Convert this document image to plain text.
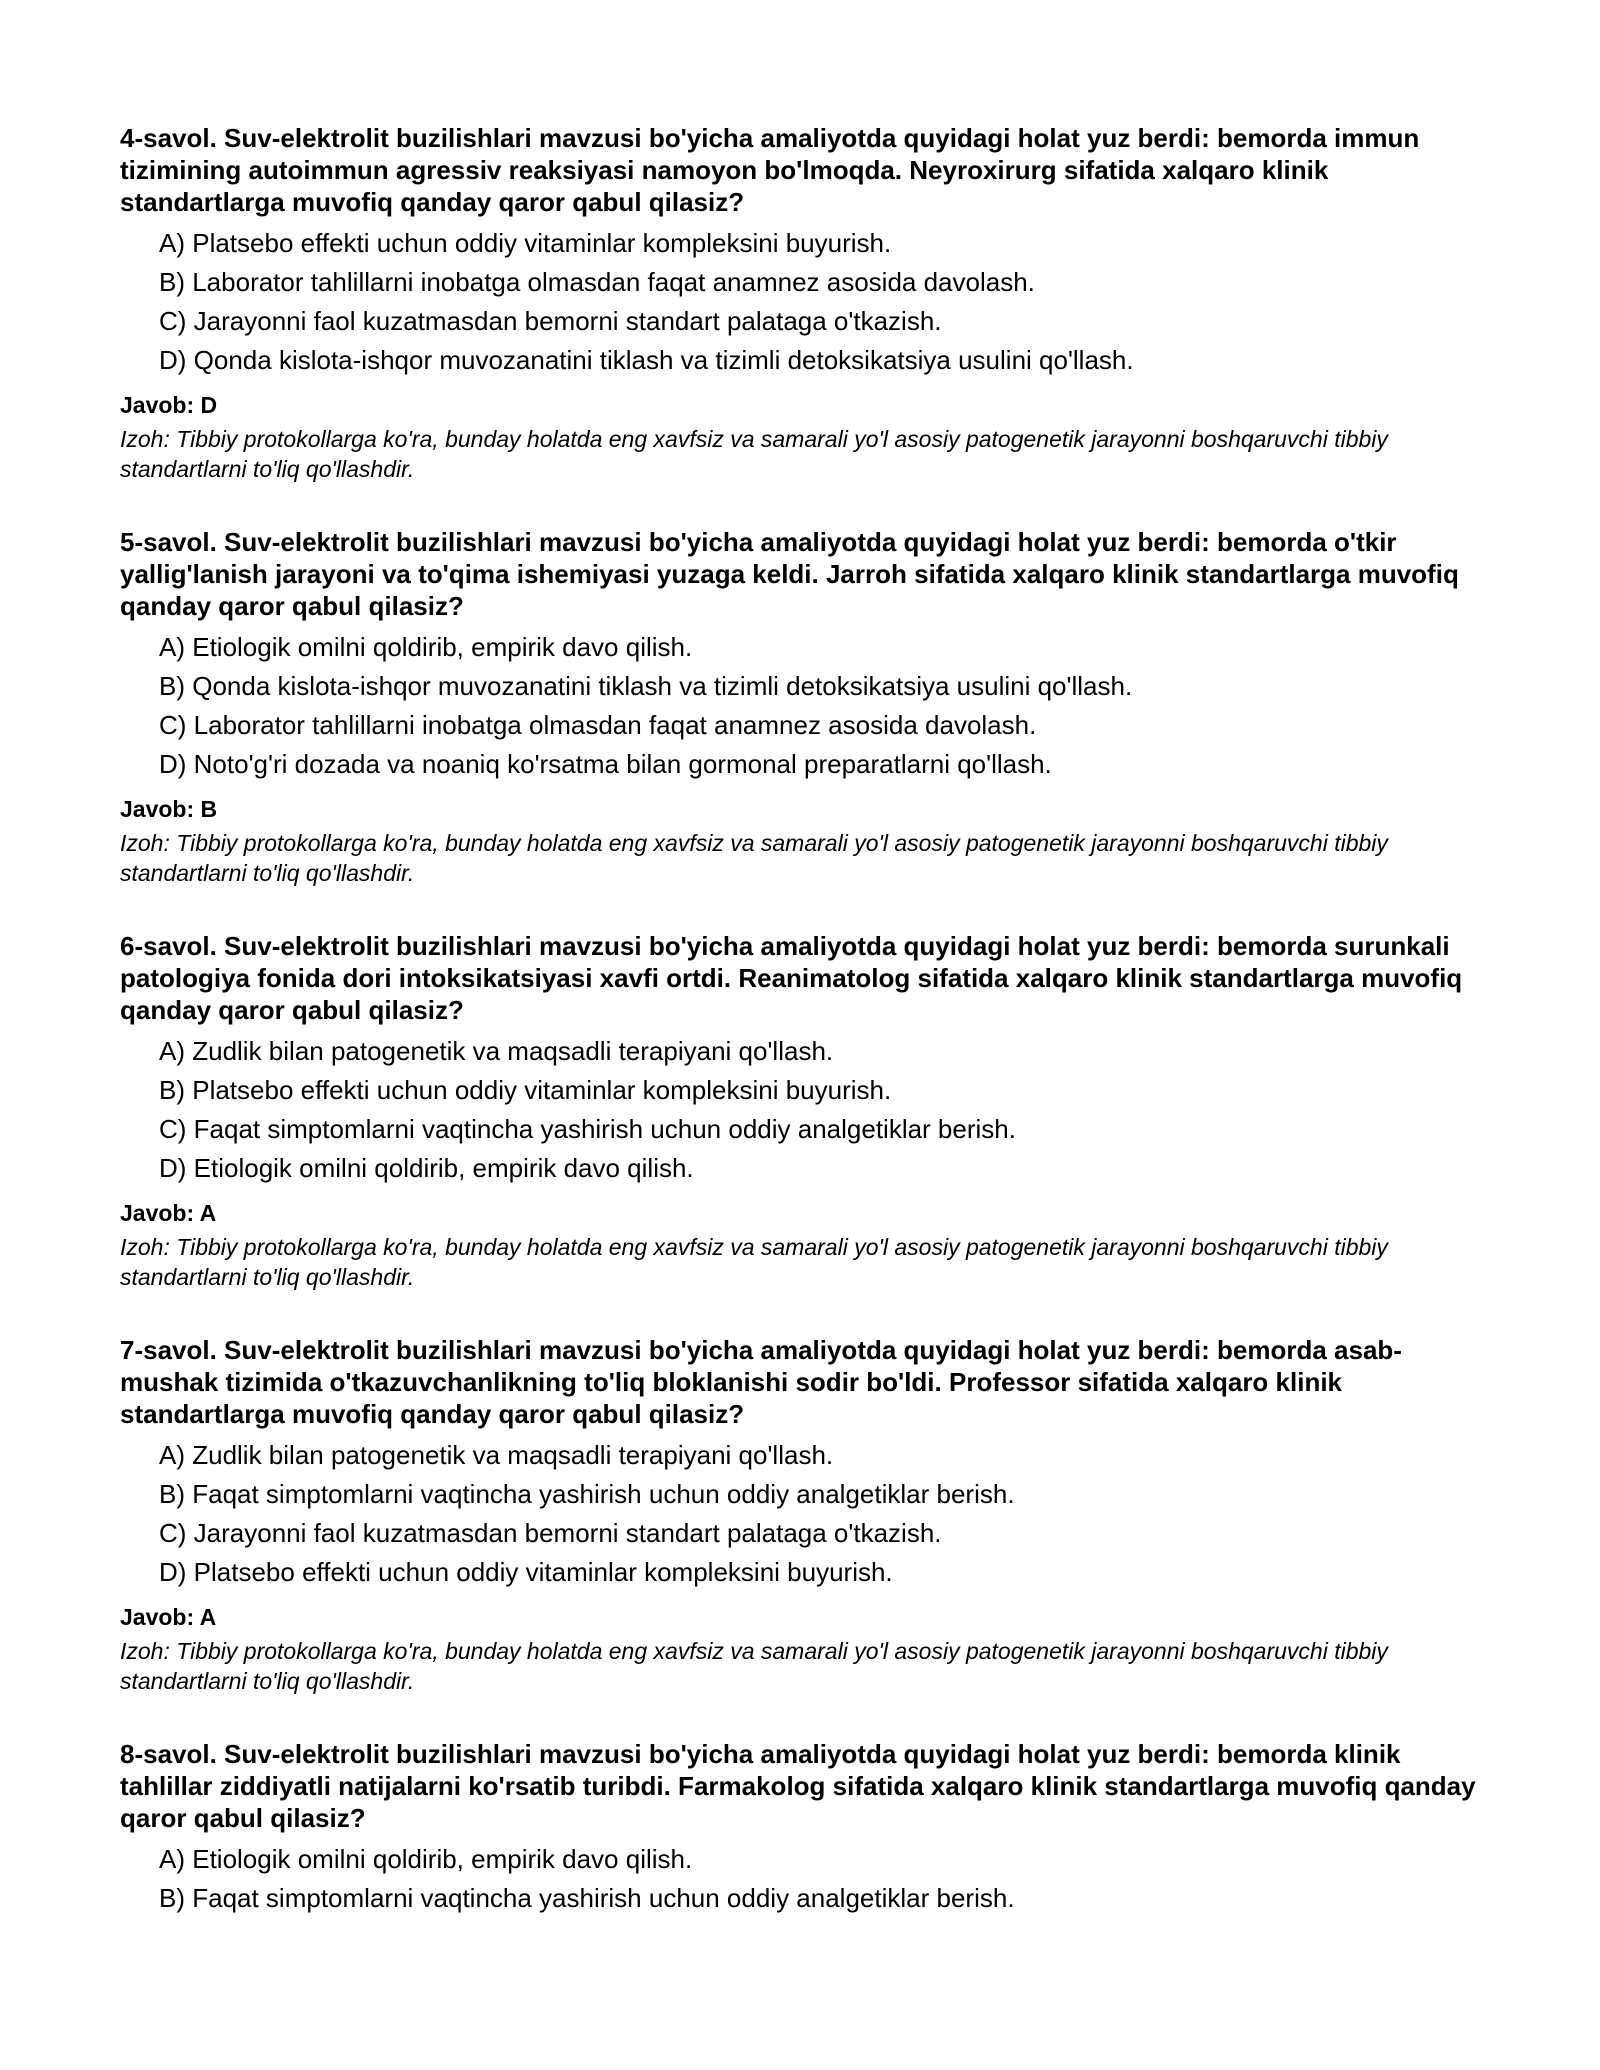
4-savol. Suv-elektrolit buzilishlari mavzusi bo'yicha amaliyotda quyidagi holat yuz berdi: bemorda immun tizimining autoimmun agressiv reaksiyasi namoyon bo'lmoqda. Neyroxirurg sifatida xalqaro klinik standartlarga muvofiq qanday qaror qabul qilasiz?
A) Platsebo effekti uchun oddiy vitaminlar kompleksini buyurish.
B) Laborator tahlillarni inobatga olmasdan faqat anamnez asosida davolash.
C) Jarayonni faol kuzatmasdan bemorni standart palataga o'tkazish.
D) Qonda kislota-ishqor muvozanatini tiklash va tizimli detoksikatsiya usulini qo'llash.
Javob: D
Izoh: Tibbiy protokollarga ko'ra, bunday holatda eng xavfsiz va samarali yo'l asosiy patogenetik jarayonni boshqaruvchi tibbiy standartlarni to'liq qo'llashdir.
5-savol. Suv-elektrolit buzilishlari mavzusi bo'yicha amaliyotda quyidagi holat yuz berdi: bemorda o'tkir yallig'lanish jarayoni va to'qima ishemiyasi yuzaga keldi. Jarroh sifatida xalqaro klinik standartlarga muvofiq qanday qaror qabul qilasiz?
A) Etiologik omilni qoldirib, empirik davo qilish.
B) Qonda kislota-ishqor muvozanatini tiklash va tizimli detoksikatsiya usulini qo'llash.
C) Laborator tahlillarni inobatga olmasdan faqat anamnez asosida davolash.
D) Noto'g'ri dozada va noaniq ko'rsatma bilan gormonal preparatlarni qo'llash.
Javob: B
Izoh: Tibbiy protokollarga ko'ra, bunday holatda eng xavfsiz va samarali yo'l asosiy patogenetik jarayonni boshqaruvchi tibbiy standartlarni to'liq qo'llashdir.
6-savol. Suv-elektrolit buzilishlari mavzusi bo'yicha amaliyotda quyidagi holat yuz berdi: bemorda surunkali patologiya fonida dori intoksikatsiyasi xavfi ortdi. Reanimatolog sifatida xalqaro klinik standartlarga muvofiq qanday qaror qabul qilasiz?
A) Zudlik bilan patogenetik va maqsadli terapiyani qo'llash.
B) Platsebo effekti uchun oddiy vitaminlar kompleksini buyurish.
C) Faqat simptomlarni vaqtincha yashirish uchun oddiy analgetiklar berish.
D) Etiologik omilni qoldirib, empirik davo qilish.
Javob: A
Izoh: Tibbiy protokollarga ko'ra, bunday holatda eng xavfsiz va samarali yo'l asosiy patogenetik jarayonni boshqaruvchi tibbiy standartlarni to'liq qo'llashdir.
7-savol. Suv-elektrolit buzilishlari mavzusi bo'yicha amaliyotda quyidagi holat yuz berdi: bemorda asab-mushak tizimida o'tkazuvchanlikning to'liq bloklanishi sodir bo'ldi. Professor sifatida xalqaro klinik standartlarga muvofiq qanday qaror qabul qilasiz?
A) Zudlik bilan patogenetik va maqsadli terapiyani qo'llash.
B) Faqat simptomlarni vaqtincha yashirish uchun oddiy analgetiklar berish.
C) Jarayonni faol kuzatmasdan bemorni standart palataga o'tkazish.
D) Platsebo effekti uchun oddiy vitaminlar kompleksini buyurish.
Javob: A
Izoh: Tibbiy protokollarga ko'ra, bunday holatda eng xavfsiz va samarali yo'l asosiy patogenetik jarayonni boshqaruvchi tibbiy standartlarni to'liq qo'llashdir.
8-savol. Suv-elektrolit buzilishlari mavzusi bo'yicha amaliyotda quyidagi holat yuz berdi: bemorda klinik tahlillar ziddiyatli natijalarni ko'rsatib turibdi. Farmakolog sifatida xalqaro klinik standartlarga muvofiq qanday qaror qabul qilasiz?
A) Etiologik omilni qoldirib, empirik davo qilish.
B) Faqat simptomlarni vaqtincha yashirish uchun oddiy analgetiklar berish.
